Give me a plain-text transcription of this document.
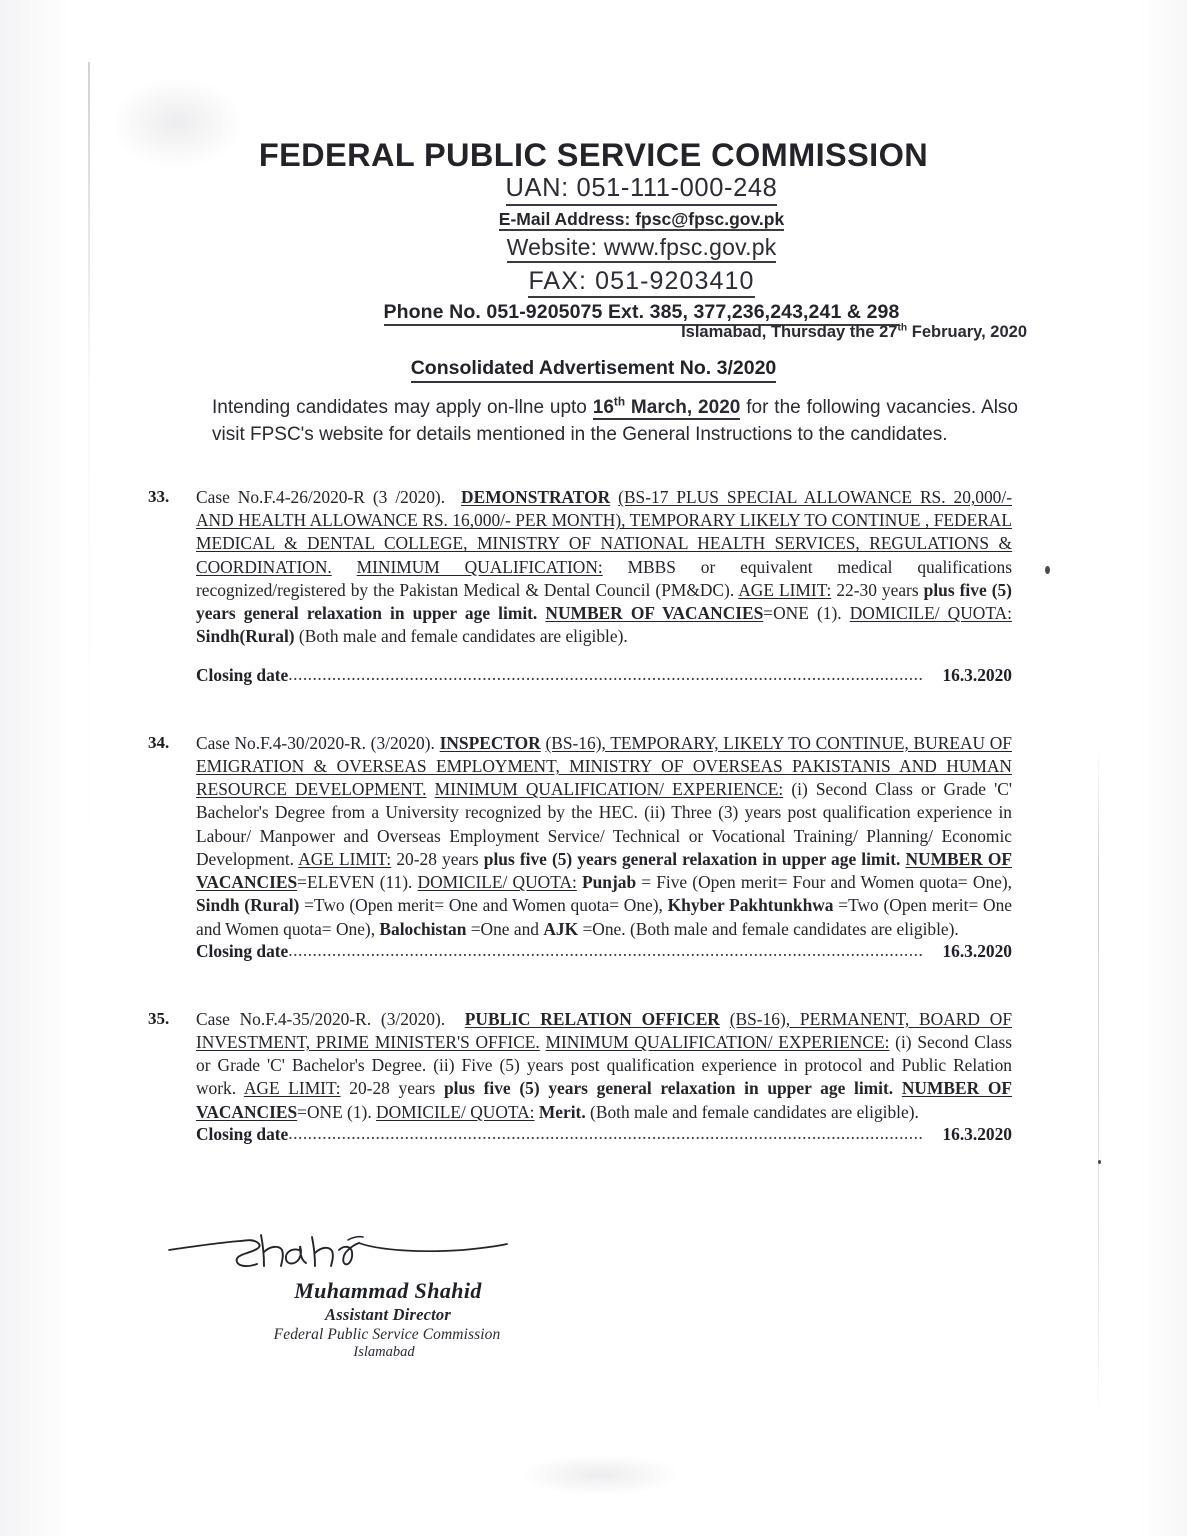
FEDERAL PUBLIC SERVICE COMMISSION
UAN: 051-111-000-248
E-Mail Address: fpsc@fpsc.gov.pk
Website: www.fpsc.gov.pk
FAX: 051-9203410
Phone No. 051-9205075 Ext. 385, 377,236,243,241 & 298
Islamabad, Thursday the 27th February, 2020
Consolidated Advertisement No. 3/2020
Intending candidates may apply on-llne upto 16th March, 2020 for the following vacancies. Also visit FPSC's website for details mentioned in the General Instructions to the candidates.
33. Case No.F.4-26/2020-R (3 /2020). DEMONSTRATOR (BS-17 PLUS SPECIAL ALLOWANCE RS. 20,000/- AND HEALTH ALLOWANCE RS. 16,000/- PER MONTH), TEMPORARY LIKELY TO CONTINUE , FEDERAL MEDICAL & DENTAL COLLEGE, MINISTRY OF NATIONAL HEALTH SERVICES, REGULATIONS & COORDINATION. MINIMUM QUALIFICATION: MBBS or equivalent medical qualifications recognized/registered by the Pakistan Medical & Dental Council (PM&DC). AGE LIMIT: 22-30 years plus five (5) years general relaxation in upper age limit. NUMBER OF VACANCIES=ONE (1). DOMICILE/ QUOTA: Sindh(Rural) (Both male and female candidates are eligible).
Closing date ...................................................................................................................................	16.3.2020
34. Case No.F.4-30/2020-R. (3/2020). INSPECTOR (BS-16), TEMPORARY, LIKELY TO CONTINUE, BUREAU OF EMIGRATION & OVERSEAS EMPLOYMENT, MINISTRY OF OVERSEAS PAKISTANIS AND HUMAN RESOURCE DEVELOPMENT. MINIMUM QUALIFICATION/ EXPERIENCE: (i) Second Class or Grade 'C' Bachelor's Degree from a University recognized by the HEC. (ii) Three (3) years post qualification experience in Labour/ Manpower and Overseas Employment Service/ Technical or Vocational Training/ Planning/ Economic Development. AGE LIMIT: 20-28 years plus five (5) years general relaxation in upper age limit. NUMBER OF VACANCIES=ELEVEN (11). DOMICILE/ QUOTA: Punjab = Five (Open merit= Four and Women quota= One), Sindh (Rural) =Two (Open merit= One and Women quota= One), Khyber Pakhtunkhwa =Two (Open merit= One and Women quota= One), Balochistan =One and AJK =One. (Both male and female candidates are eligible).
Closing date ...................................................................................................................................	16.3.2020
35. Case No.F.4-35/2020-R. (3/2020). PUBLIC RELATION OFFICER (BS-16), PERMANENT, BOARD OF INVESTMENT, PRIME MINISTER'S OFFICE. MINIMUM QUALIFICATION/ EXPERIENCE: (i) Second Class or Grade 'C' Bachelor's Degree. (ii) Five (5) years post qualification experience in protocol and Public Relation work. AGE LIMIT: 20-28 years plus five (5) years general relaxation in upper age limit. NUMBER OF VACANCIES=ONE (1). DOMICILE/ QUOTA: Merit. (Both male and female candidates are eligible).
Closing date ...................................................................................................................................	16.3.2020
Muhammad Shahid
Assistant Director
Federal Public Service Commission
Islamabad
